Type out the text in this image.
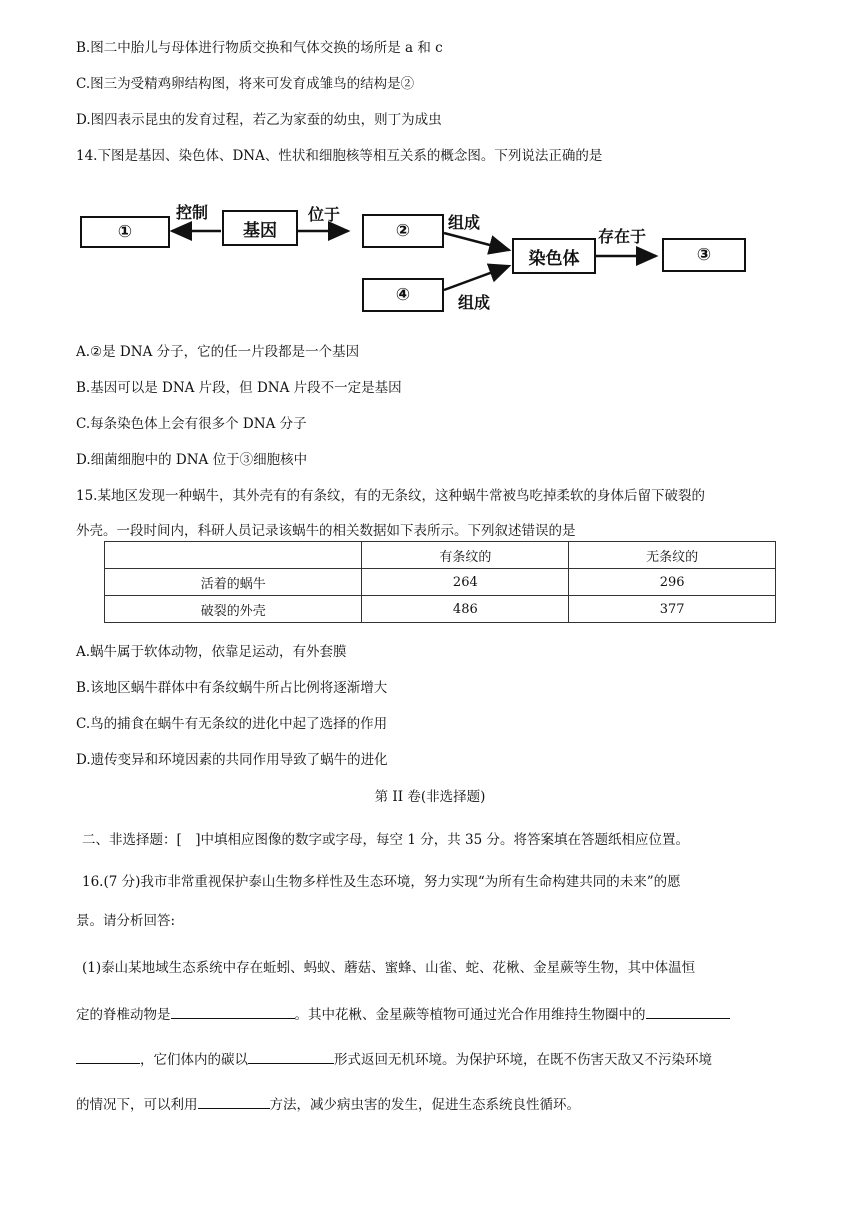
B.图二中胎儿与母体进行物质交换和气体交换的场所是 a 和 c
C.图三为受精鸡卵结构图，将来可发育成雏鸟的结构是②
D.图四表示昆虫的发育过程，若乙为家蚕的幼虫，则丁为成虫
14.下图是基因、染色体、DNA、性状和细胞核等相互关系的概念图。下列说法正确的是
①	基因	②
④
染色体	③
控制	位于	组成
组成
存在于
A.②是 DNA 分子，它的任一片段都是一个基因
B.基因可以是 DNA 片段，但 DNA 片段不一定是基因
C.每条染色体上会有很多个 DNA 分子
D.细菌细胞中的 DNA 位于③细胞核中
15.某地区发现一种蜗牛，其外壳有的有条纹，有的无条纹，这种蜗牛常被鸟吃掉柔软的身体后留下破裂的
外壳。一段时间内，科研人员记录该蜗牛的相关数据如下表所示。下列叙述错误的是
	有条纹的	无条纹的
活着的蜗牛	264	296
破裂的外壳	486	377
A.蜗牛属于软体动物，依靠足运动，有外套膜
B.该地区蜗牛群体中有条纹蜗牛所占比例将逐渐增大
C.鸟的捕食在蜗牛有无条纹的进化中起了选择的作用
D.遗传变异和环境因素的共同作用导致了蜗牛的进化
第 II 卷(非选择题)
二、非选择题：[　]中填相应图像的数字或字母，每空 1 分，共 35 分。将答案填在答题纸相应位置。
16.(7 分)我市非常重视保护泰山生物多样性及生态环境，努力实现“为所有生命构建共同的未来”的愿
景。请分析回答:
(1)泰山某地域生态系统中存在蚯蚓、蚂蚁、蘑菇、蜜蜂、山雀、蛇、花楸、金星蕨等生物，其中体温恒
定的脊椎动物是	。其中花楸、金星蕨等植物可通过光合作用维持生物圈中的
，它们体内的碳以	形式返回无机环境。为保护环境，在既不伤害天敌又不污染环境
的情况下，可以利用	方法，减少病虫害的发生，促进生态系统良性循环。
